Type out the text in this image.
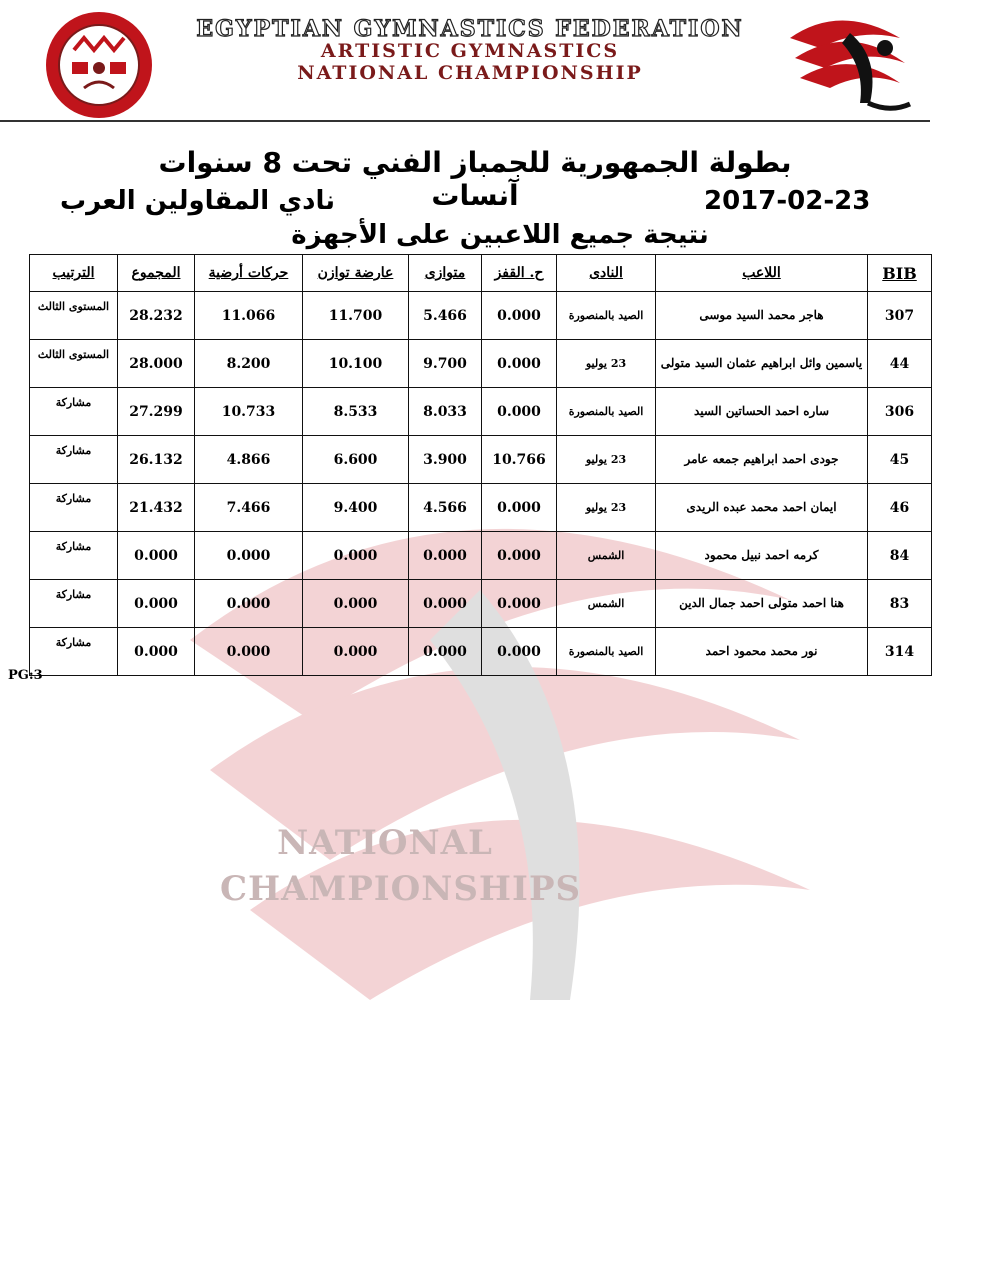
EGYPTIAN GYMNASTICS FEDERATION
ARTISTIC GYMNASTICS
NATIONAL CHAMPIONSHIP
NATIONAL
CHAMPIONSHIPS
بطولة الجمهورية للجمباز الفني تحت 8 سنوات آنسات
نادي المقاولين العرب	2017-02-23
نتيجة جميع اللاعبين على الأجهزة
الترتيب	المجموع	حركات أرضية	عارضة توازن	متوازى	ح. القفز	النادى	اللاعب	BIB
المستوى الثالث	28.232	11.066	11.700	5.466	0.000	الصيد بالمنصورة	هاجر محمد السيد موسى	307
المستوى الثالث	28.000	8.200	10.100	9.700	0.000	23 يوليو	ياسمين وائل ابراهيم عثمان السيد متولى	44
مشاركة	27.299	10.733	8.533	8.033	0.000	الصيد بالمنصورة	ساره احمد الحساتين السيد	306
مشاركة	26.132	4.866	6.600	3.900	10.766	23 يوليو	جودى احمد ابراهيم جمعه عامر	45
مشاركة	21.432	7.466	9.400	4.566	0.000	23 يوليو	ايمان احمد محمد عبده الريدى	46
مشاركة	0.000	0.000	0.000	0.000	0.000	الشمس	كرمه احمد نبيل محمود	84
مشاركة	0.000	0.000	0.000	0.000	0.000	الشمس	هنا احمد متولى احمد جمال الدين	83
مشاركة	0.000	0.000	0.000	0.000	0.000	الصيد بالمنصورة	نور محمد محمود احمد	314
PG:3
